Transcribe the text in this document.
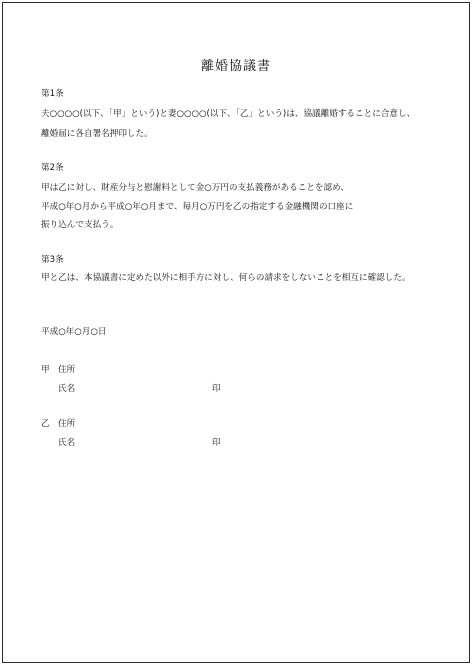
離婚協議書
第1条
夫○○○○(以下、「甲」という)と妻○○○○(以下、「乙」という)は、協議離婚することに合意し、
離婚届に各自署名押印した。
第2条
甲は乙に対し、財産分与と慰謝料として金○万円の支払義務があることを認め、
平成○年○月から平成○年○月まで、毎月○万円を乙の指定する金融機関の口座に
振り込んで支払う。
第3条
甲と乙は、本協議書に定めた以外に相手方に対し、何らの請求をしないことを相互に確認した。
平成○年○月○日
甲 住所
氏名	印
乙 住所
氏名	印
